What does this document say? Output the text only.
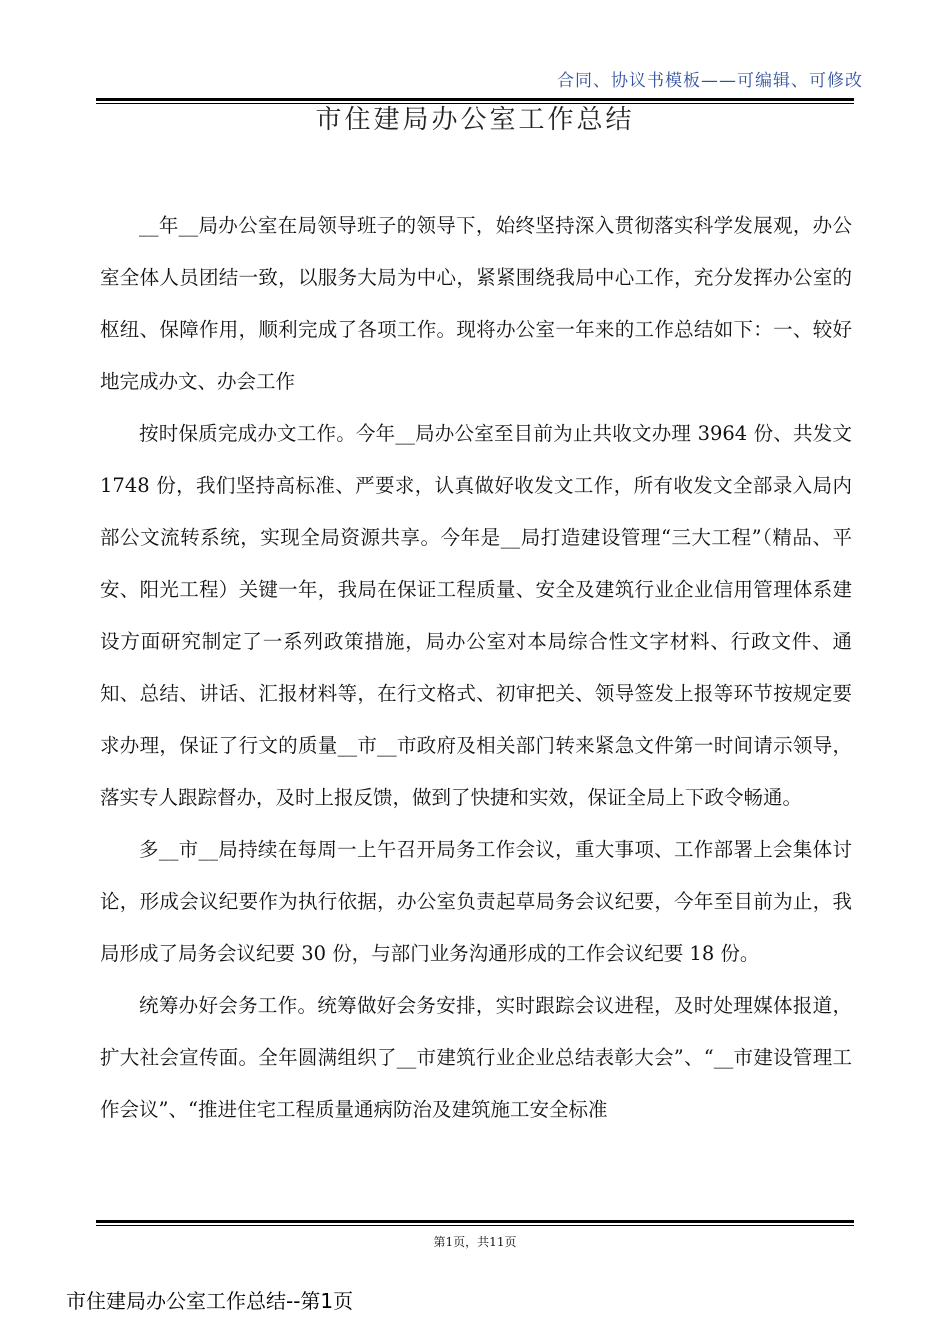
合同、协议书模板——可编辑、可修改
市住建局办公室工作总结

__年__局办公室在局领导班子的领导下，始终坚持深入贯彻落实科学发展观，办公室全体人员团结一致，以服务大局为中心，紧紧围绕我局中心工作，充分发挥办公室的枢纽、保障作用，顺利完成了各项工作。现将办公室一年来的工作总结如下：一、较好地完成办文、办会工作

按时保质完成办文工作。今年__局办公室至目前为止共收文办理 3964 份、共发文 1748 份，我们坚持高标准、严要求，认真做好收发文工作，所有收发文全部录入局内部公文流转系统，实现全局资源共享。今年是__局打造建设管理“三大工程”（精品、平安、阳光工程）关键一年，我局在保证工程质量、安全及建筑行业企业信用管理体系建设方面研究制定了一系列政策措施，局办公室对本局综合性文字材料、行政文件、通知、总结、讲话、汇报材料等，在行文格式、初审把关、领导签发上报等环节按规定要求办理，保证了行文的质量__市__市政府及相关部门转来紧急文件第一时间请示领导，落实专人跟踪督办，及时上报反馈，做到了快捷和实效，保证全局上下政令畅通。

多__市__局持续在每周一上午召开局务工作会议，重大事项、工作部署上会集体讨论，形成会议纪要作为执行依据，办公室负责起草局务会议纪要，今年至目前为止，我局形成了局务会议纪要 30 份，与部门业务沟通形成的工作会议纪要 18 份。

统筹办好会务工作。统筹做好会务安排，实时跟踪会议进程，及时处理媒体报道，扩大社会宣传面。全年圆满组织了__市建筑行业企业总结表彰大会”、“__市建设管理工作会议”、“推进住宅工程质量通病防治及建筑施工安全标准

第1页，共11页
市住建局办公室工作总结--第1页
